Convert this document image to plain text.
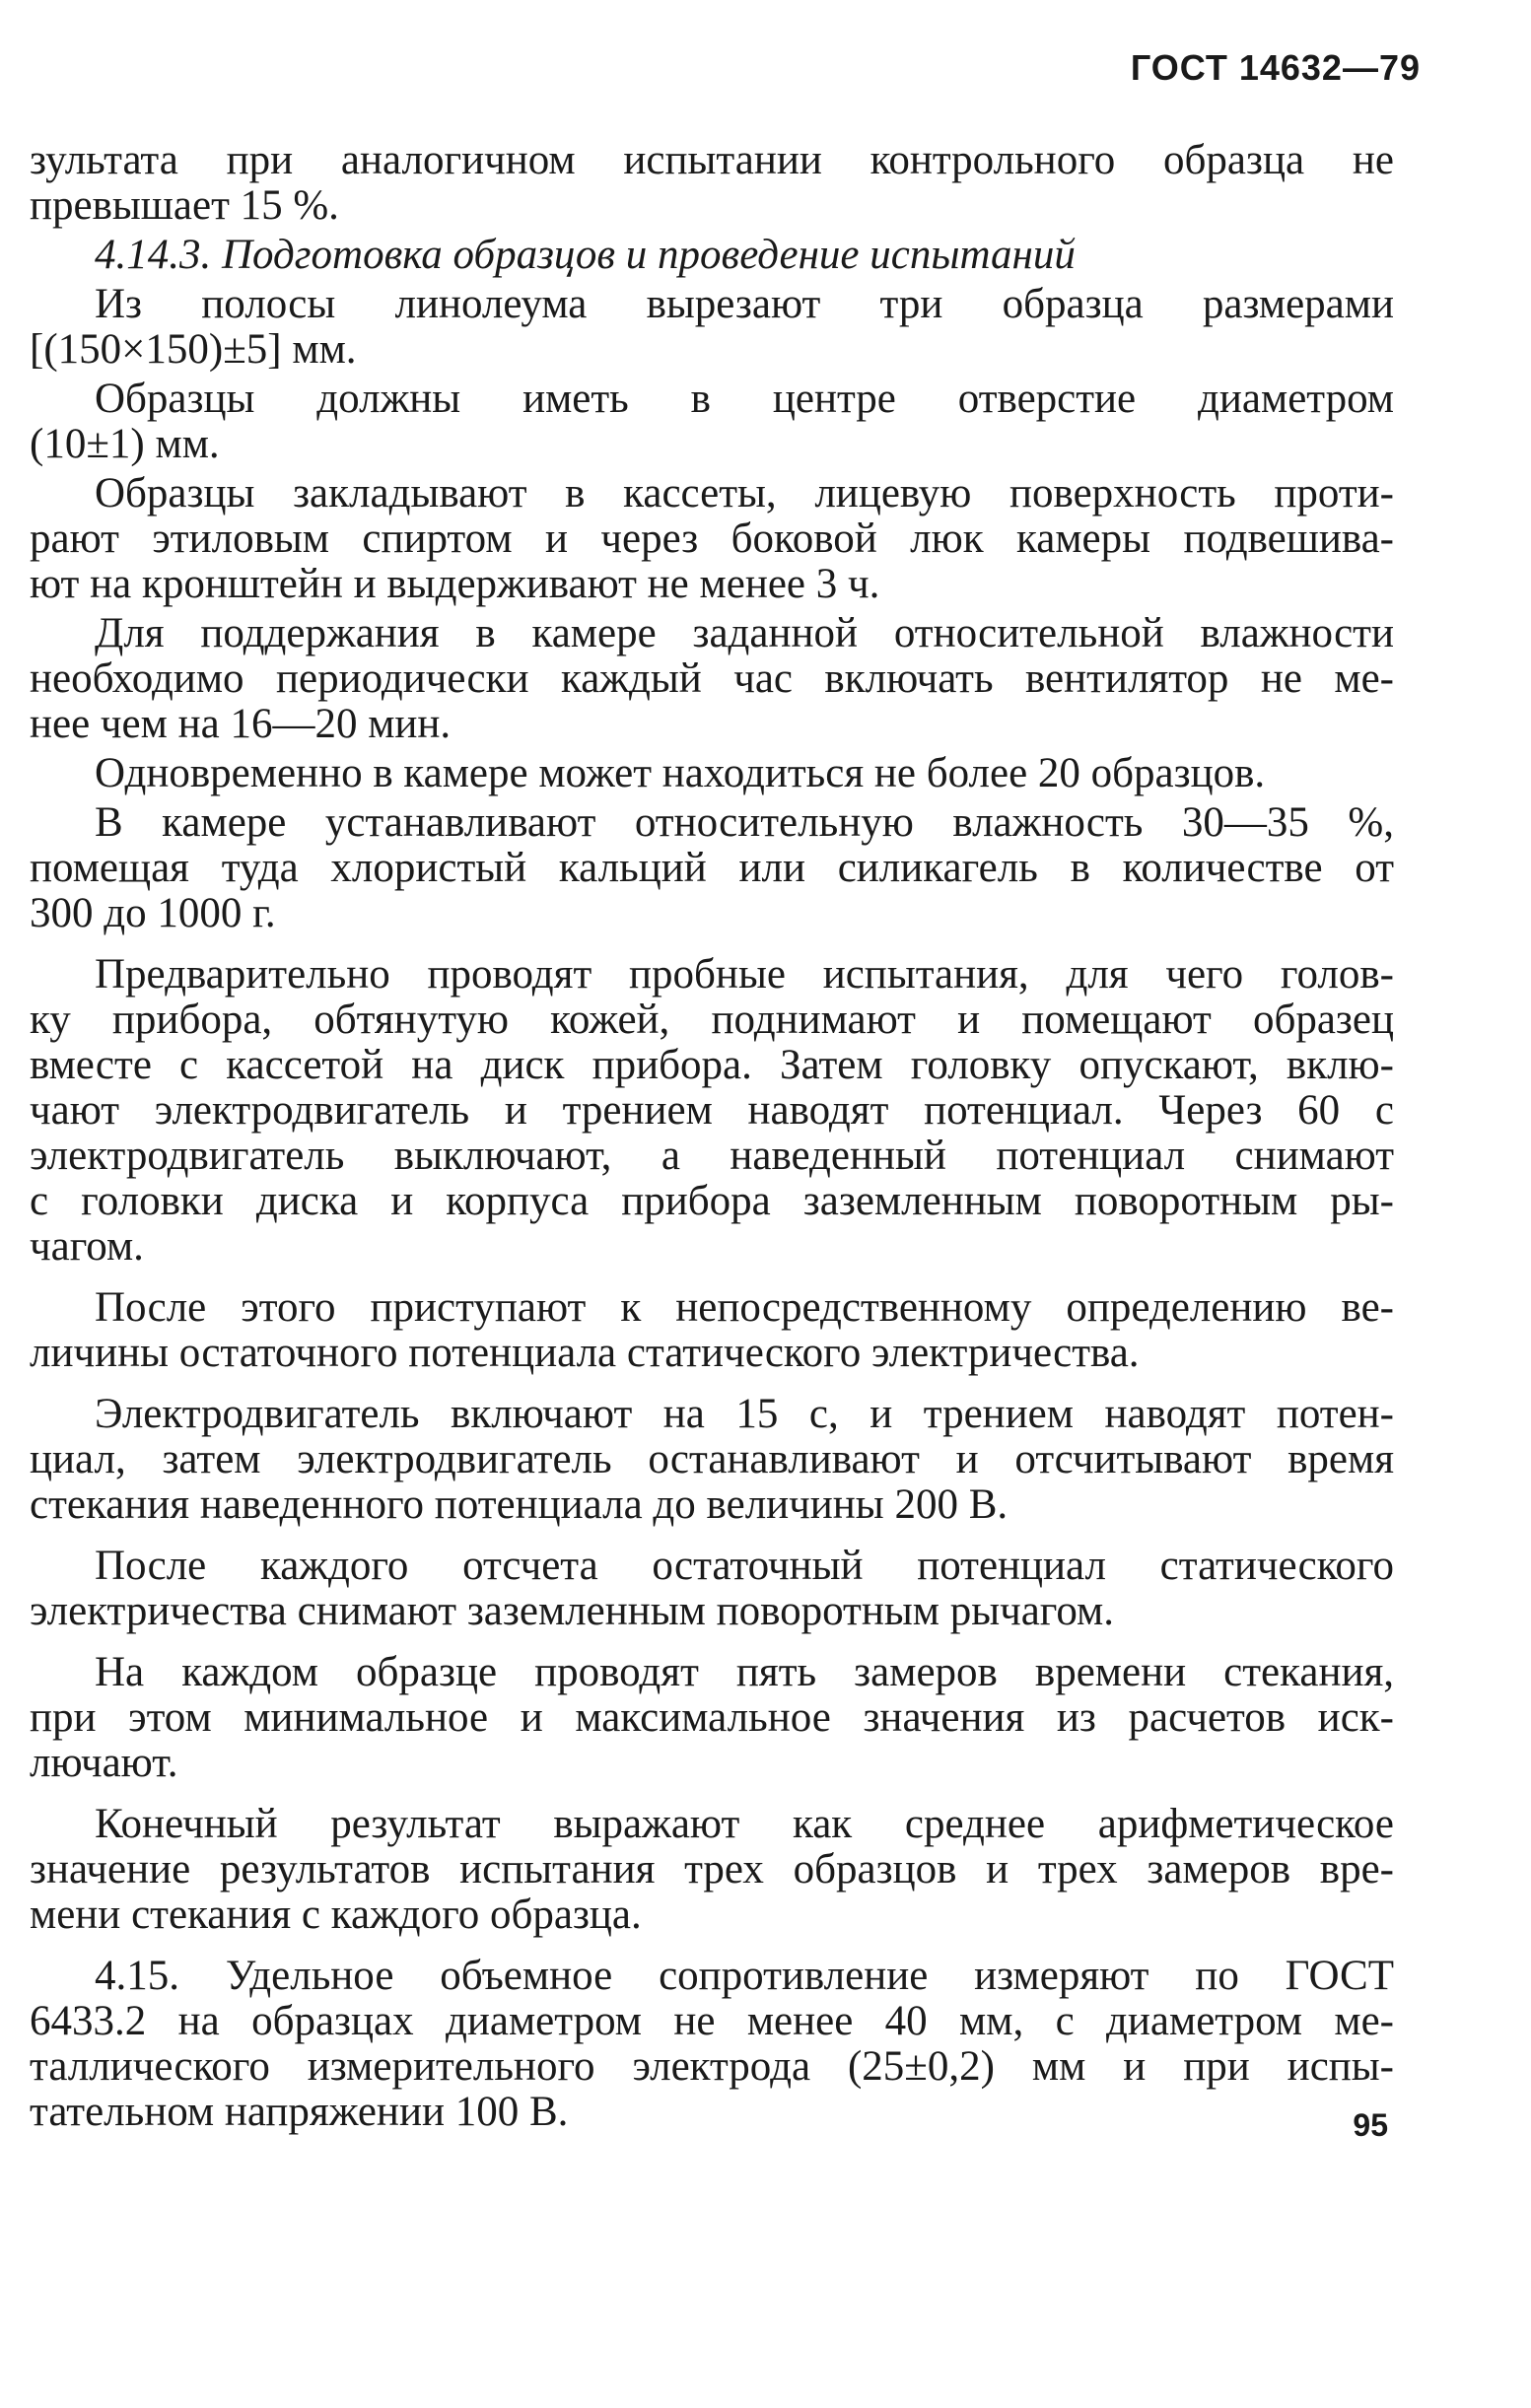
ГОСТ 14632—79
зультата при аналогичном испытании контрольного образца не
превышает 15 %.
4.14.3. Подготовка образцов и проведение испытаний
Из полосы линолеума вырезают три образца размерами
[(150×150)±5] мм.
Образцы должны иметь в центре отверстие диаметром
(10±1) мм.
Образцы закладывают в кассеты, лицевую поверхность проти-
рают этиловым спиртом и через боковой люк камеры подвешива-
ют на кронштейн и выдерживают не менее 3 ч.
Для поддержания в камере заданной относительной влажности
необходимо периодически каждый час включать вентилятор не ме-
нее чем на 16—20 мин.
Одновременно в камере может находиться не более 20 образцов.
В камере устанавливают относительную влажность 30—35 %,
помещая туда хлористый кальций или силикагель в количестве от
300 до 1000 г.
Предварительно проводят пробные испытания, для чего голов-
ку прибора, обтянутую кожей, поднимают и помещают образец
вместе с кассетой на диск прибора. Затем головку опускают, вклю-
чают электродвигатель и трением наводят потенциал. Через 60 с
электродвигатель выключают, а наведенный потенциал снимают
с головки диска и корпуса прибора заземленным поворотным ры-
чагом.
После этого приступают к непосредственному определению ве-
личины остаточного потенциала статического электричества.
Электродвигатель включают на 15 с, и трением наводят потен-
циал, затем электродвигатель останавливают и отсчитывают время
стекания наведенного потенциала до величины 200 В.
После каждого отсчета остаточный потенциал статического
электричества снимают заземленным поворотным рычагом.
На каждом образце проводят пять замеров времени стекания,
при этом минимальное и максимальное значения из расчетов иск-
лючают.
Конечный результат выражают как среднее арифметическое
значение результатов испытания трех образцов и трех замеров вре-
мени стекания с каждого образца.
4.15. Удельное объемное сопротивление измеряют по ГОСТ
6433.2 на образцах диаметром не менее 40 мм, с диаметром ме-
таллического измерительного электрода (25±0,2) мм и при испы-
тательном напряжении 100 В.	95
